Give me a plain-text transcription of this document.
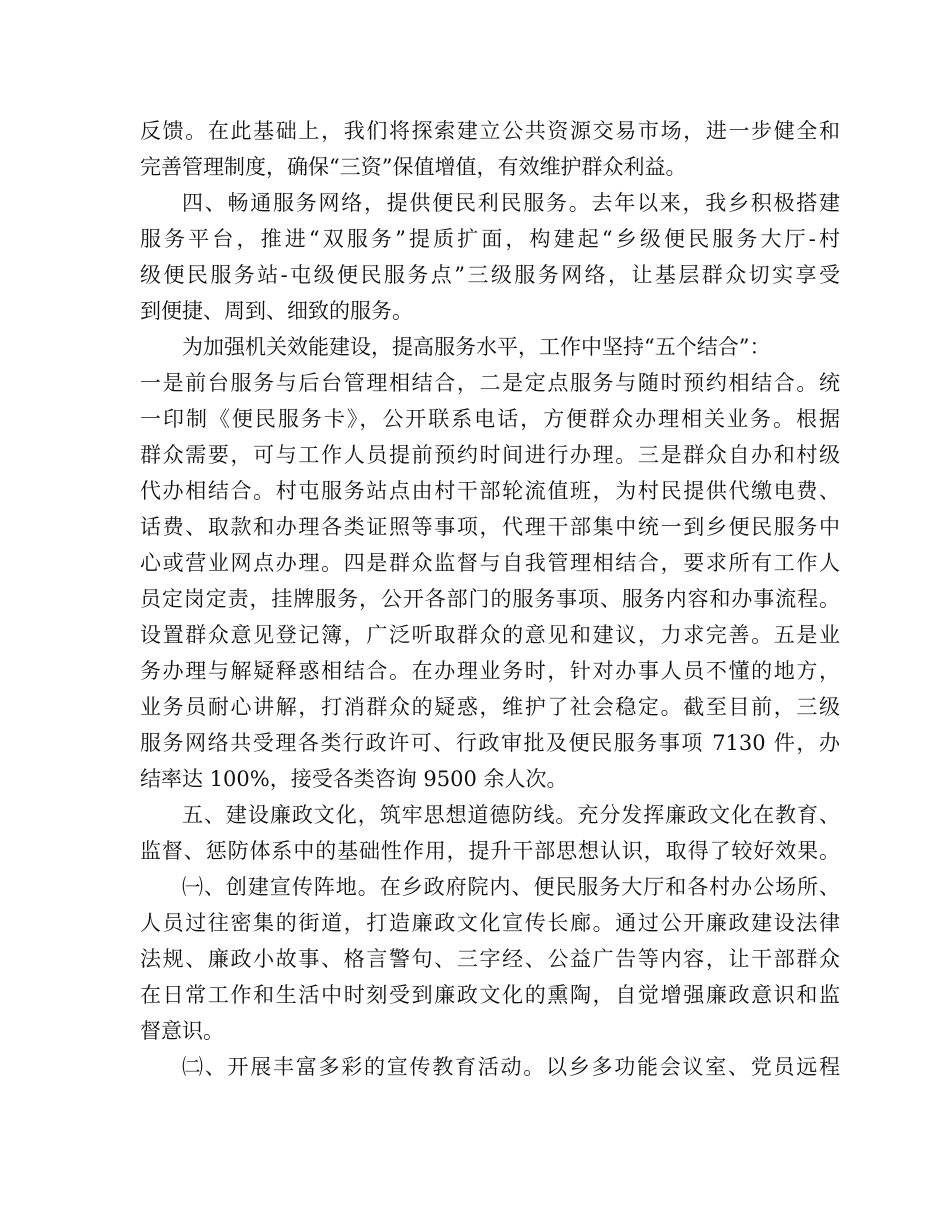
反馈。在此基础上，我们将探索建立公共资源交易市场，进一步健全和
完善管理制度，确保“三资”保值增值，有效维护群众利益。
四、畅通服务网络，提供便民利民服务。去年以来，我乡积极搭建
服务平台，推进“双服务”提质扩面，构建起“乡级便民服务大厅-村
级便民服务站-屯级便民服务点”三级服务网络，让基层群众切实享受
到便捷、周到、细致的服务。
为加强机关效能建设，提高服务水平，工作中坚持“五个结合”：
一是前台服务与后台管理相结合，二是定点服务与随时预约相结合。统
一印制《便民服务卡》，公开联系电话，方便群众办理相关业务。根据
群众需要，可与工作人员提前预约时间进行办理。三是群众自办和村级
代办相结合。村屯服务站点由村干部轮流值班，为村民提供代缴电费、
话费、取款和办理各类证照等事项，代理干部集中统一到乡便民服务中
心或营业网点办理。四是群众监督与自我管理相结合，要求所有工作人
员定岗定责，挂牌服务，公开各部门的服务事项、服务内容和办事流程。
设置群众意见登记簿，广泛听取群众的意见和建议，力求完善。五是业
务办理与解疑释惑相结合。在办理业务时，针对办事人员不懂的地方，
业务员耐心讲解，打消群众的疑惑，维护了社会稳定。截至目前，三级
服务网络共受理各类行政许可、行政审批及便民服务事项 7130 件，办
结率达 100%，接受各类咨询 9500 余人次。
五、建设廉政文化，筑牢思想道德防线。充分发挥廉政文化在教育、
监督、惩防体系中的基础性作用，提升干部思想认识，取得了较好效果。
㈠、创建宣传阵地。在乡政府院内、便民服务大厅和各村办公场所、
人员过往密集的街道，打造廉政文化宣传长廊。通过公开廉政建设法律
法规、廉政小故事、格言警句、三字经、公益广告等内容，让干部群众
在日常工作和生活中时刻受到廉政文化的熏陶，自觉增强廉政意识和监
督意识。
㈡、开展丰富多彩的宣传教育活动。以乡多功能会议室、党员远程
